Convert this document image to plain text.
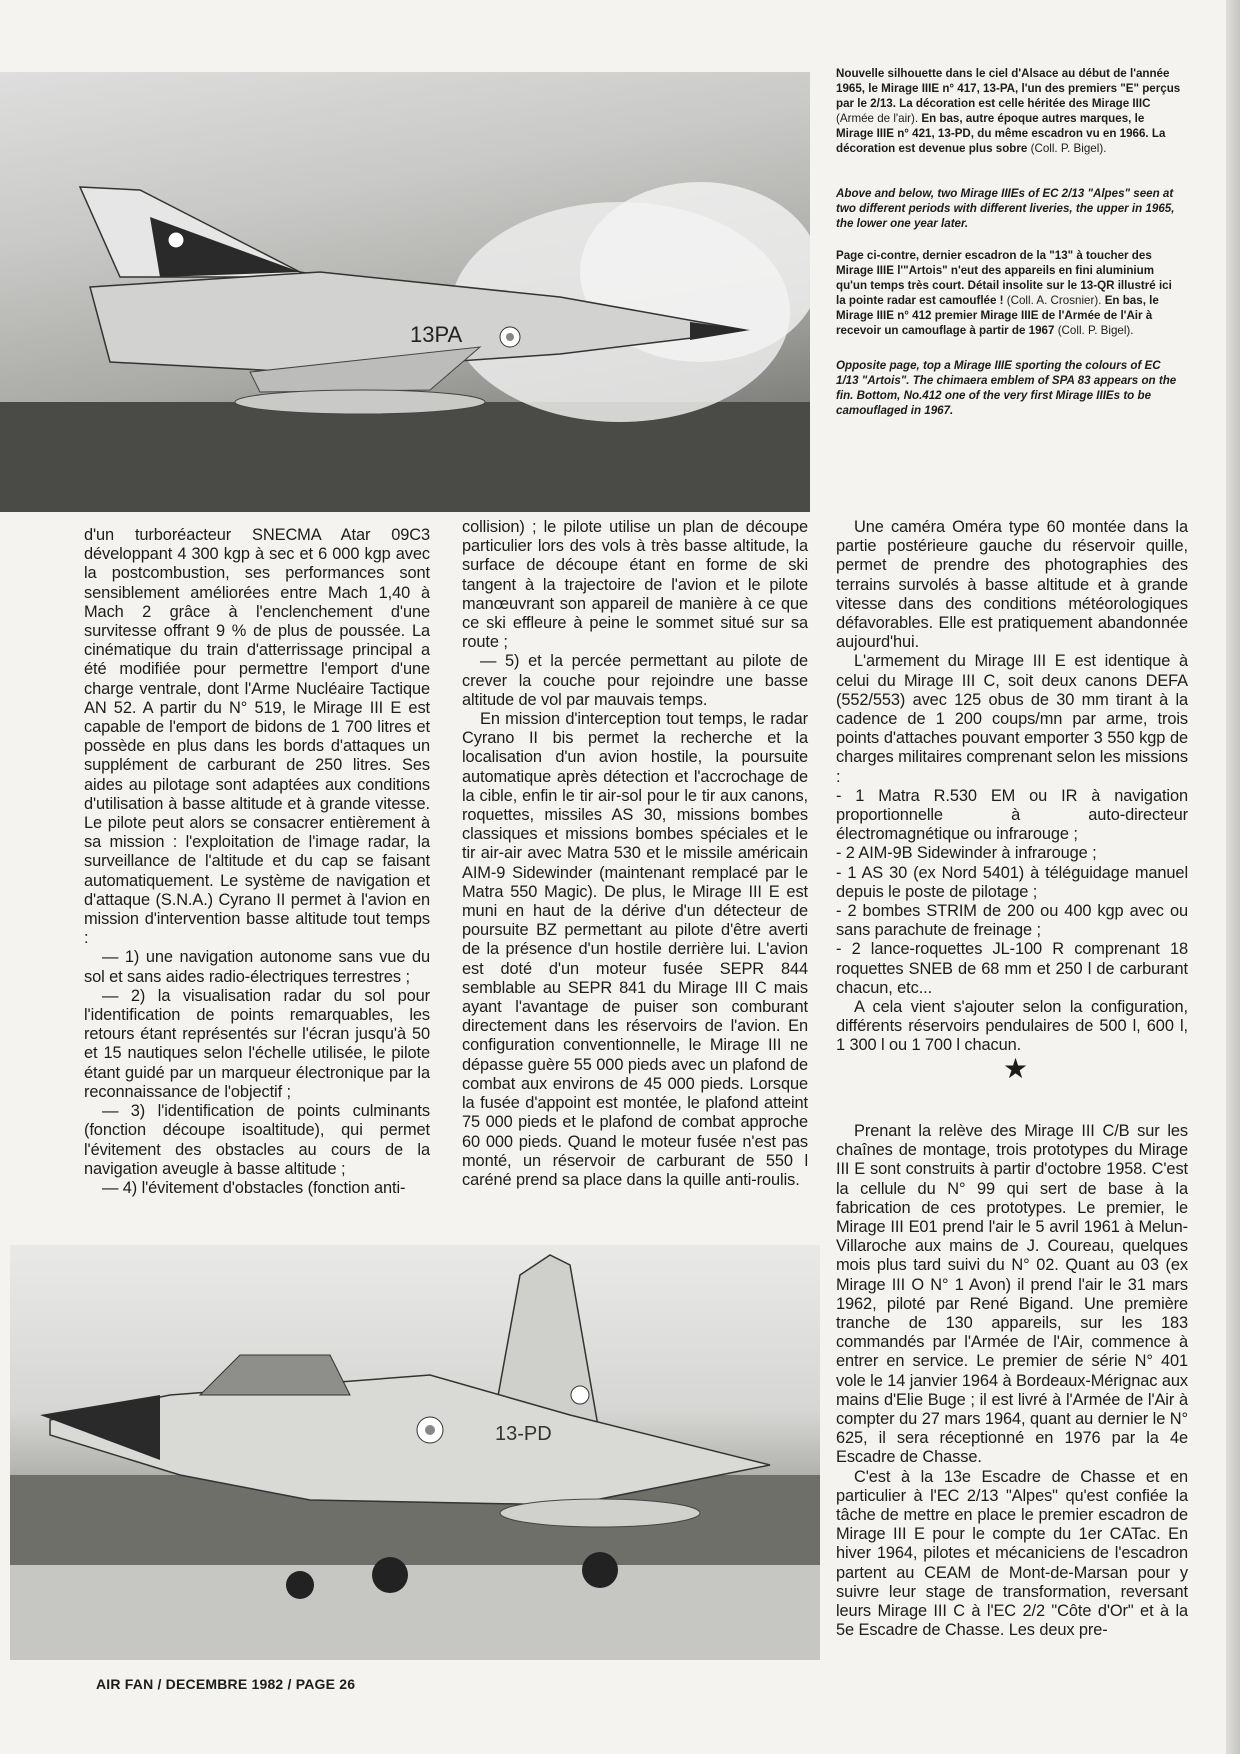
13PA
Nouvelle silhouette dans le ciel d'Alsace au début de l'année 1965, le Mirage IIIE n° 417, 13-PA, l'un des premiers "E" perçus par le 2/13. La décoration est celle héritée des Mirage IIIC (Armée de l'air). En bas, autre époque autres marques, le Mirage IIIE n° 421, 13-PD, du même escadron vu en 1966. La décoration est devenue plus sobre (Coll. P. Bigel).
Above and below, two Mirage IIIEs of EC 2/13 "Alpes" seen at two different periods with different liveries, the upper in 1965, the lower one year later.
Page ci-contre, dernier escadron de la "13" à toucher des Mirage IIIE l'"Artois" n'eut des appareils en fini aluminium qu'un temps très court. Détail insolite sur le 13-QR illustré ici la pointe radar est camouflée ! (Coll. A. Crosnier). En bas, le Mirage IIIE n° 412 premier Mirage IIIE de l'Armée de l'Air à recevoir un camouflage à partir de 1967 (Coll. P. Bigel).
Opposite page, top a Mirage IIIE sporting the colours of EC 1/13 "Artois". The chimaera emblem of SPA 83 appears on the fin. Bottom, No.412 one of the very first Mirage IIIEs to be camouflaged in 1967.

d'un turboréacteur SNECMA Atar 09C3 développant 4 300 kgp à sec et 6 000 kgp avec la postcombustion, ses performances sont sensiblement améliorées entre Mach 1,40 à Mach 2 grâce à l'enclenchement d'une survitesse offrant 9 % de plus de poussée. La cinématique du train d'atterrissage principal a été modifiée pour permettre l'emport d'une charge ventrale, dont l'Arme Nucléaire Tactique AN 52. A partir du N° 519, le Mirage III E est capable de l'emport de bidons de 1 700 litres et possède en plus dans les bords d'attaques un supplément de carburant de 250 litres. Ses aides au pilotage sont adaptées aux conditions d'utilisation à basse altitude et à grande vitesse. Le pilote peut alors se consacrer entièrement à sa mission : l'exploitation de l'image radar, la surveillance de l'altitude et du cap se faisant automatiquement. Le système de navigation et d'attaque (S.N.A.) Cyrano II permet à l'avion en mission d'intervention basse altitude tout temps :

— 1) une navigation autonome sans vue du sol et sans aides radio-électriques terrestres ;

— 2) la visualisation radar du sol pour l'identification de points remarquables, les retours étant représentés sur l'écran jusqu'à 50 et 15 nautiques selon l'échelle utilisée, le pilote étant guidé par un marqueur électronique par la reconnaissance de l'objectif ;

— 3) l'identification de points culminants (fonction découpe isoaltitude), qui permet l'évitement des obstacles au cours de la navigation aveugle à basse altitude ;

— 4) l'évitement d'obstacles (fonction anti-

collision) ; le pilote utilise un plan de découpe particulier lors des vols à très basse altitude, la surface de découpe étant en forme de ski tangent à la trajectoire de l'avion et le pilote manœuvrant son appareil de manière à ce que ce ski effleure à peine le sommet situé sur sa route ;

— 5) et la percée permettant au pilote de crever la couche pour rejoindre une basse altitude de vol par mauvais temps.

En mission d'interception tout temps, le radar Cyrano II bis permet la recherche et la localisation d'un avion hostile, la poursuite automatique après détection et l'accrochage de la cible, enfin le tir air-sol pour le tir aux canons, roquettes, missiles AS 30, missions bombes classiques et missions bombes spéciales et le tir air-air avec Matra 530 et le missile américain AIM-9 Sidewinder (maintenant remplacé par le Matra 550 Magic). De plus, le Mirage III E est muni en haut de la dérive d'un détecteur de poursuite BZ permettant au pilote d'être averti de la présence d'un hostile derrière lui. L'avion est doté d'un moteur fusée SEPR 844 semblable au SEPR 841 du Mirage III C mais ayant l'avantage de puiser son comburant directement dans les réservoirs de l'avion. En configuration conventionnelle, le Mirage III ne dépasse guère 55 000 pieds avec un plafond de combat aux environs de 45 000 pieds. Lorsque la fusée d'appoint est montée, le plafond atteint 75 000 pieds et le plafond de combat approche 60 000 pieds. Quand le moteur fusée n'est pas monté, un réservoir de carburant de 550 l caréné prend sa place dans la quille anti-roulis.

Une caméra Oméra type 60 montée dans la partie postérieure gauche du réservoir quille, permet de prendre des photographies des terrains survolés à basse altitude et à grande vitesse dans des conditions météorologiques défavorables. Elle est pratiquement abandonnée aujourd'hui.

L'armement du Mirage III E est identique à celui du Mirage III C, soit deux canons DEFA (552/553) avec 125 obus de 30 mm tirant à la cadence de 1 200 coups/mn par arme, trois points d'attaches pouvant emporter 3 550 kgp de charges militaires comprenant selon les missions :

- 1 Matra R.530 EM ou IR à navigation proportionnelle à auto-directeur électromagnétique ou infrarouge ;

- 2 AIM-9B Sidewinder à infrarouge ;

- 1 AS 30 (ex Nord 5401) à téléguidage manuel depuis le poste de pilotage ;

- 2 bombes STRIM de 200 ou 400 kgp avec ou sans parachute de freinage ;

- 2 lance-roquettes JL-100 R comprenant 18 roquettes SNEB de 68 mm et 250 l de carburant chacun, etc...

A cela vient s'ajouter selon la configuration, différents réservoirs pendulaires de 500 l, 600 l, 1 300 l ou 1 700 l chacun.

★

Prenant la relève des Mirage III C/B sur les chaînes de montage, trois prototypes du Mirage III E sont construits à partir d'octobre 1958. C'est la cellule du N° 99 qui sert de base à la fabrication de ces prototypes. Le premier, le Mirage III E01 prend l'air le 5 avril 1961 à Melun-Villaroche aux mains de J. Coureau, quelques mois plus tard suivi du N° 02. Quant au 03 (ex Mirage III O N° 1 Avon) il prend l'air le 31 mars 1962, piloté par René Bigand. Une première tranche de 130 appareils, sur les 183 commandés par l'Armée de l'Air, commence à entrer en service. Le premier de série N° 401 vole le 14 janvier 1964 à Bordeaux-Mérignac aux mains d'Elie Buge ; il est livré à l'Armée de l'Air à compter du 27 mars 1964, quant au dernier le N° 625, il sera réceptionné en 1976 par la 4e Escadre de Chasse.

C'est à la 13e Escadre de Chasse et en particulier à l'EC 2/13 "Alpes" qu'est confiée la tâche de mettre en place le premier escadron de Mirage III E pour le compte du 1er CATac. En hiver 1964, pilotes et mécaniciens de l'escadron partent au CEAM de Mont-de-Marsan pour y suivre leur stage de transformation, reversant leurs Mirage III C à l'EC 2/2 "Côte d'Or" et à la 5e Escadre de Chasse. Les deux pre-

13-PD
AIR FAN / DECEMBRE 1982 / PAGE 26
